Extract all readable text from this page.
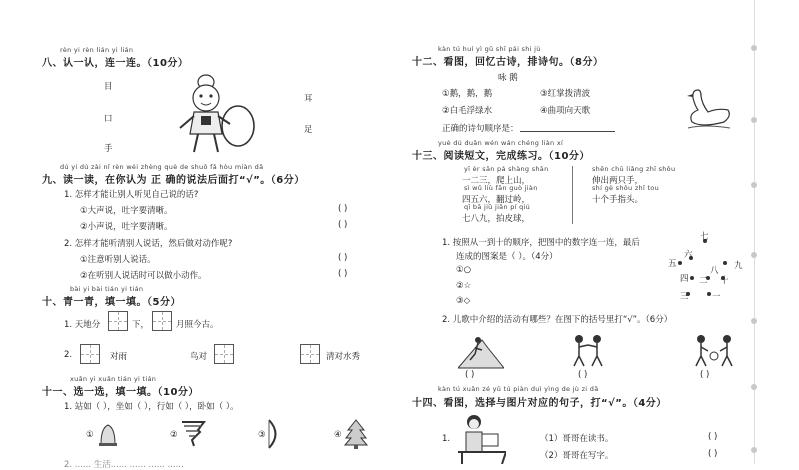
rèn yi rèn lián yi lián
八、认一认，连一连。（10分）
目
口
手
耳
足
dú yi dú zài nǐ rèn wéi zhèng què de shuō fǎ hòu miàn dǎ
九、读一读，在你认为 正 确的说法后面打“√”。（6分）
1. 怎样才能让别人听见自己说的话?
①大声说，吐字要清晰。	( )
②小声说，吐字要清晰。	( )
2. 怎样才能听清别人说话，然后做对动作呢?
①注意听别人说话。	( )
②在听别人说话时可以做小动作。	( )
bài yi bài tián yi tián
十、青一青，填一填。（5分）
1. 天地分	下，	月照今古。
2.	对雨	鸟对	清对水秀
xuǎn yi xuǎn tián yi tián
十一、选一选，填一填。（10分）
1. 站如（ ），坐如（ ），行如（ ），卧如（ ）。
①	②	③	④
2. ...... 生活...... ...... ...... ......
kàn tú huí yì gǔ shī pái shi jù
十二、看图，回忆古诗，排诗句。（8分）
咏 鹅
①鹅，鹅，鹅	③红掌拨清波
②白毛浮绿水	④曲项向天歌
正确的诗句顺序是：
yuè dú duǎn wén wán chéng liàn xí
十三、阅读短文，完成练习。（10分）
yī èr sān pá shàng shān
一二三，爬上山，
sì wǔ liù fān guò jiàn
四五六，翻过岭，
qī bā jiǔ jiǎn pí qiú
七八九，拍皮球，
shēn chū liǎng zhī shǒu
伸出两只手，
shí gè shǒu zhǐ tou
十个手指头。
1. 按照从一到十的顺序，把图中的数字连一连，最后
连成的图案是（ ）。（4分）
①○
②☆
③◇
七
六
五	九
四 二
八
十
三	一
2. 儿歌中介绍的活动有哪些？在图下的括号里打“√”。（6分）
( )	( )	( )
kàn tú xuǎn zé yǔ tú piàn duì yìng de jù zi dǎ
十四、看图，选择与图片对应的句子，打“√”。（4分）
1.	（1）哥哥在读书。	( )
（2）哥哥在写字。	( )
